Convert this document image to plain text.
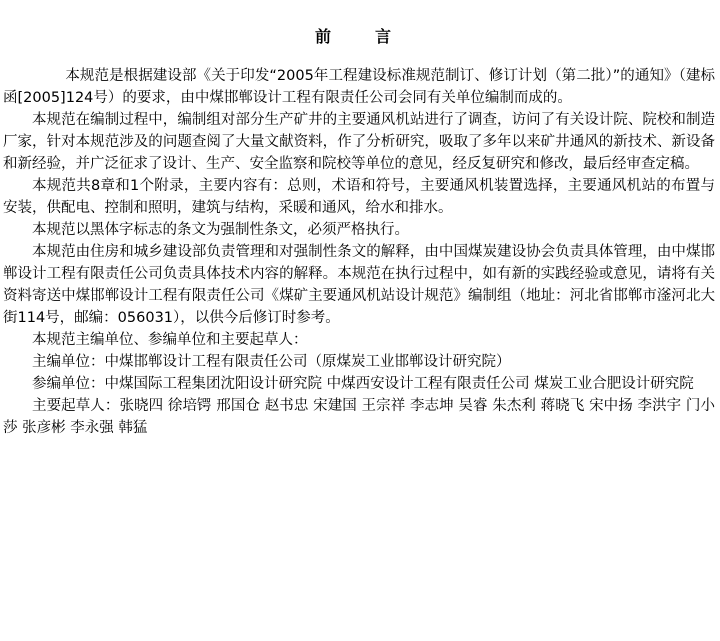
前　言

本规范是根据建设部《关于印发“2005年工程建设标准规范制订、修订计划（第二批）”的通知》（建标函[2005]124号）的要求，由中煤邯郸设计工程有限责任公司会同有关单位编制而成的。

本规范在编制过程中，编制组对部分生产矿井的主要通风机站进行了调查，访问了有关设计院、院校和制造厂家，针对本规范涉及的问题查阅了大量文献资料，作了分析研究，吸取了多年以来矿井通风的新技术、新设备和新经验，并广泛征求了设计、生产、安全监察和院校等单位的意见，经反复研究和修改，最后经审查定稿。

本规范共8章和1个附录，主要内容有：总则，术语和符号，主要通风机装置选择，主要通风机站的布置与安装，供配电、控制和照明，建筑与结构，采暖和通风，给水和排水。

本规范以黑体字标志的条文为强制性条文，必须严格执行。

本规范由住房和城乡建设部负责管理和对强制性条文的解释，由中国煤炭建设协会负责具体管理，由中煤邯郸设计工程有限责任公司负责具体技术内容的解释。本规范在执行过程中，如有新的实践经验或意见，请将有关资料寄送中煤邯郸设计工程有限责任公司《煤矿主要通风机站设计规范》编制组（地址：河北省邯郸市滏河北大街114号，邮编：056031），以供今后修订时参考。

本规范主编单位、参编单位和主要起草人：

主编单位：中煤邯郸设计工程有限责任公司（原煤炭工业邯郸设计研究院）

参编单位：中煤国际工程集团沈阳设计研究院 中煤西安设计工程有限责任公司 煤炭工业合肥设计研究院

主要起草人：张晓四 徐培锷 邢国仓 赵书忠 宋建国 王宗祥 李志坤 吴睿 朱杰利 蒋晓飞 宋中扬 李洪宇 门小莎 张彦彬 李永强 韩猛
